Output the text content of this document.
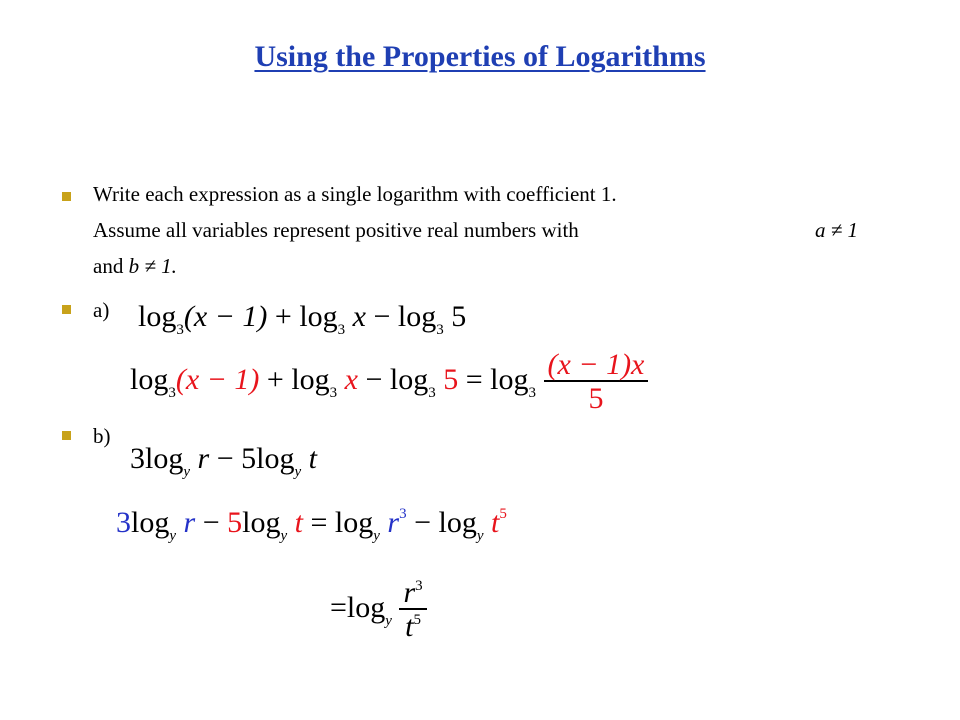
Using the Properties of Logarithms
Write each expression as a single logarithm with coefficient 1.
Assume all variables represent positive real numbers with	a ≠ 1
and b ≠ 1.
a)
b)
$\log_3(x - 1) + \log_3 x - \log_3 5$
$\log_3(x - 1) + \log_3 x - \log_3 5 = \log_3 \frac{(x - 1)x}{5}$
$3\log_y$ $r - 5\log_y$ t
$3\log_y$ $r - 5\log_y$ $t = \log_y r^3 - \log_y t^5$
$=\log_y \frac{r^3}{t^5}$
